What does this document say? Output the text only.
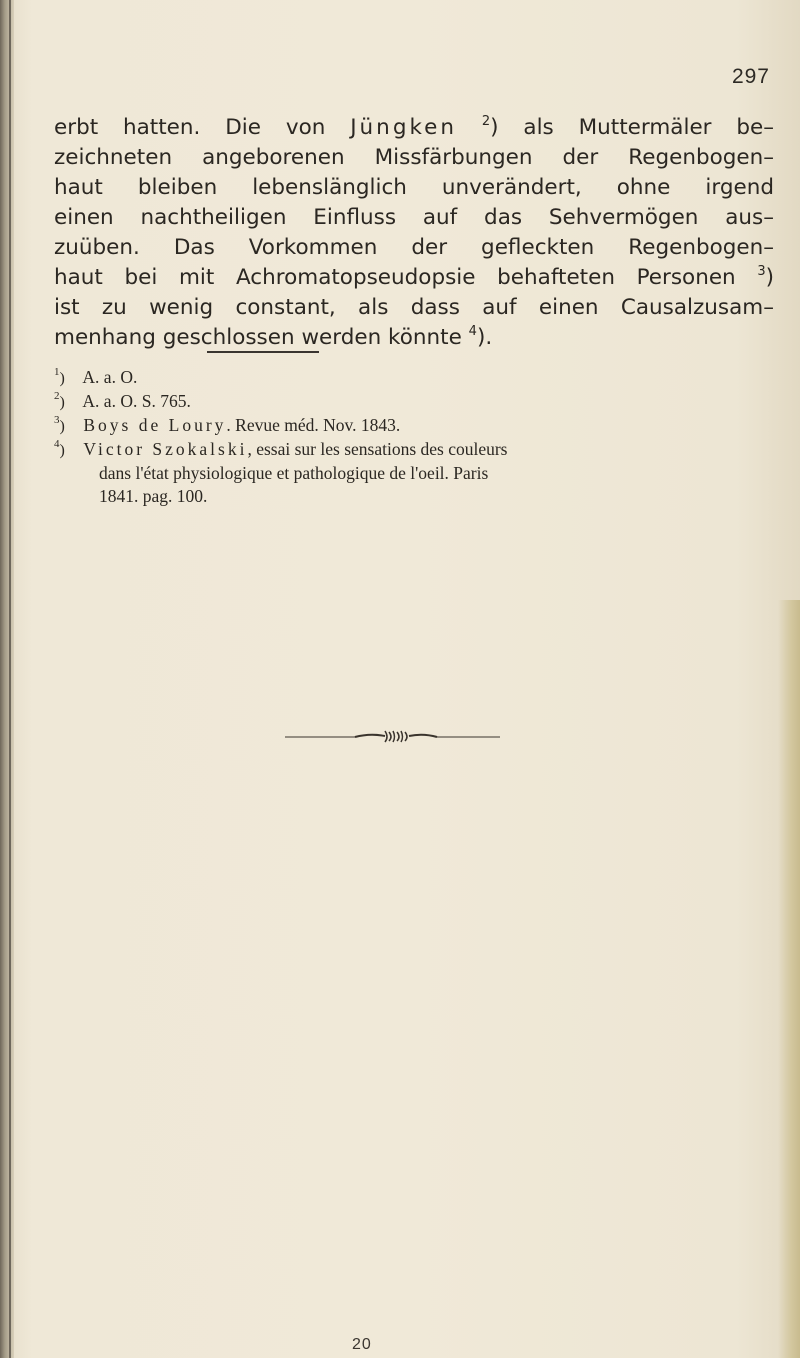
297
erbt hatten. Die von Jüngken $^2$) als Muttermäler be–
zeichneten angeborenen Missfärbungen der Regenbogen–
haut bleiben lebenslänglich unverändert, ohne irgend
einen nachtheiligen Einfluss auf das Sehvermögen aus–
zuüben. Das Vorkommen der gefleckten Regenbogen–
haut bei mit Achromatopseudopsie behafteten Personen $^3$)
ist zu wenig constant, als dass auf einen Causalzusam–
menhang geschlossen werden könnte $^4$).
$^1$) A. a. O.
$^2$) A. a. O. S. 765.
$^3$) Boys de Loury. Revue méd. Nov. 1843.
$^4$) Victor Szokalski, essai sur les sensations des couleurs
dans l'état physiologique et pathologique de l'oeil. Paris
1841. pag. 100.
20
